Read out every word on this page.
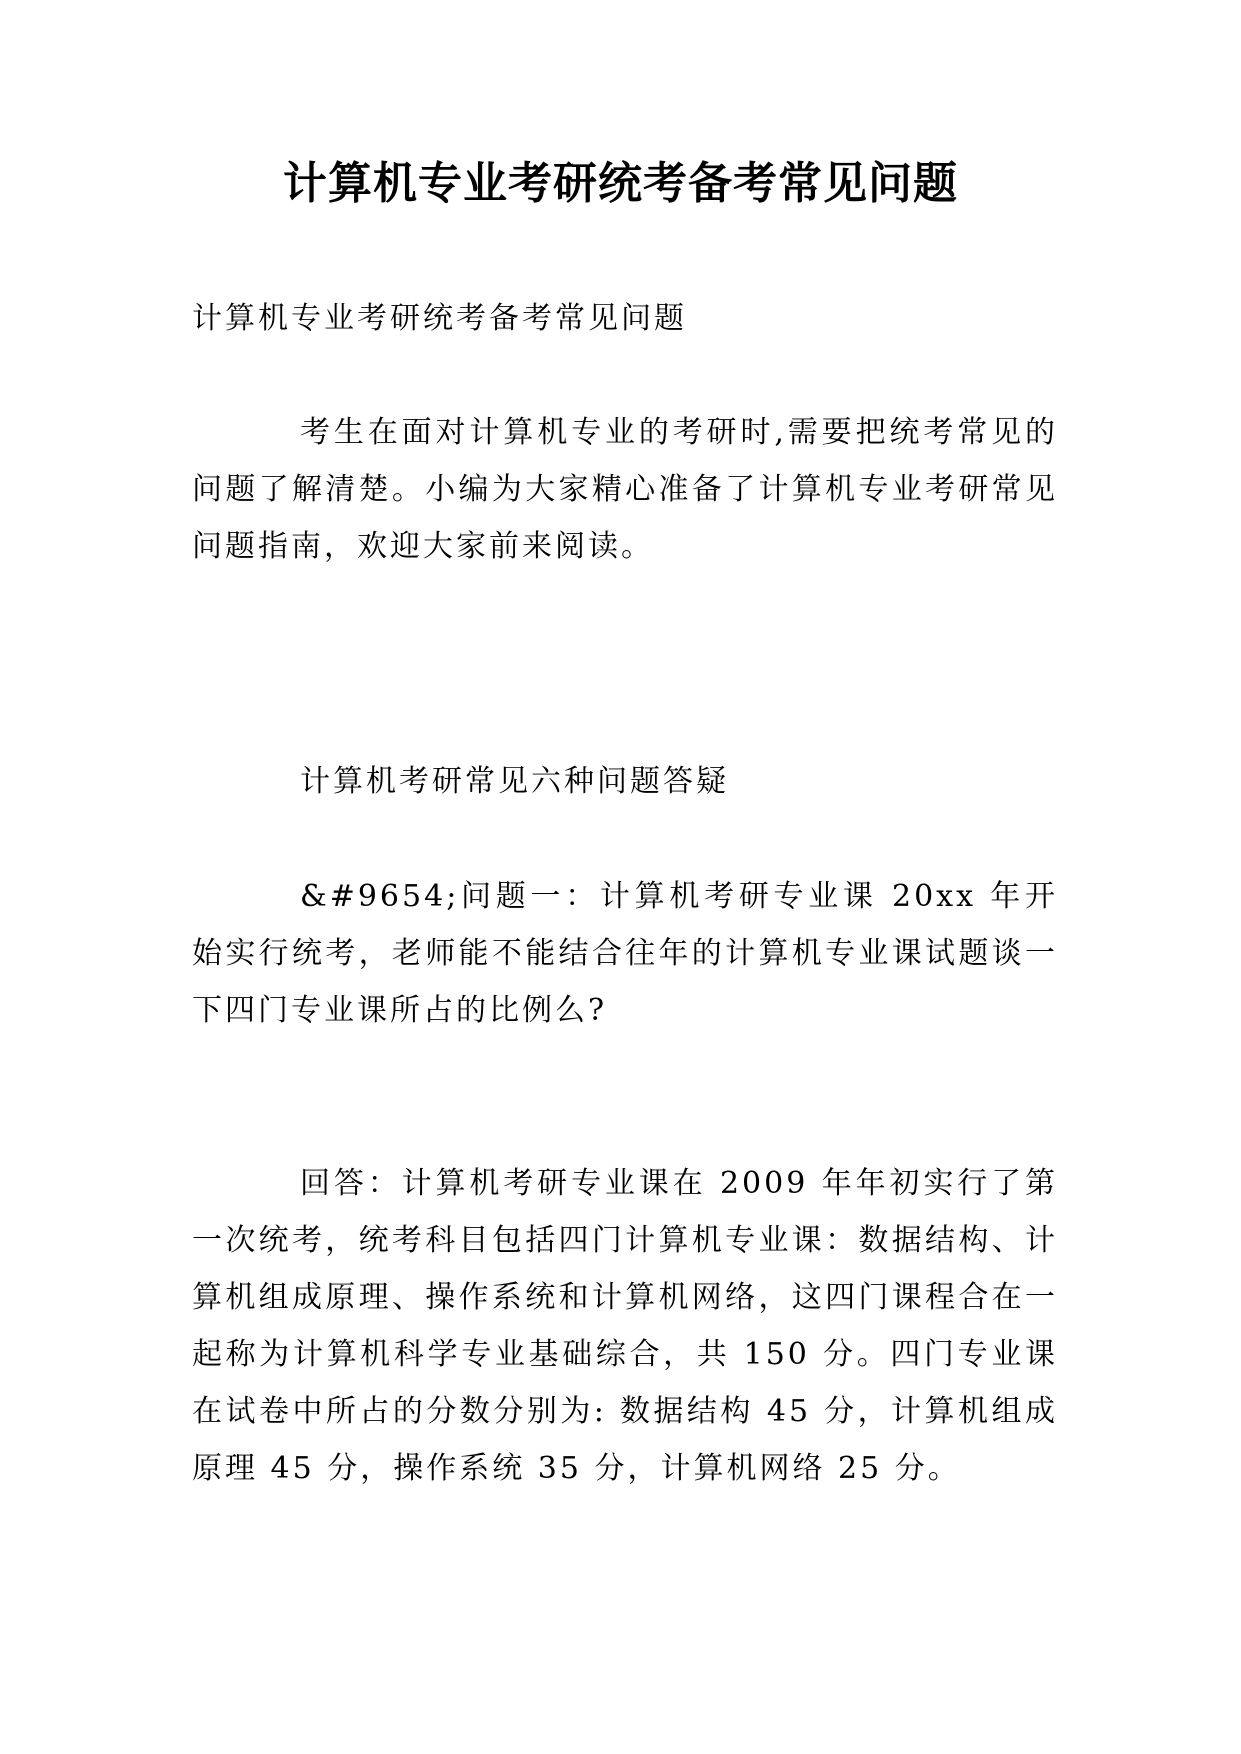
计算机专业考研统考备考常见问题

计算机专业考研统考备考常见问题

考生在面对计算机专业的考研时,需要把统考常见的问题了解清楚。小编为大家精心准备了计算机专业考研常见问题指南，欢迎大家前来阅读。

计算机考研常见六种问题答疑

&#9654;问题一：计算机考研专业课 20xx 年开始实行统考，老师能不能结合往年的计算机专业课试题谈一下四门专业课所占的比例么?

回答：计算机考研专业课在 2009 年年初实行了第一次统考，统考科目包括四门计算机专业课：数据结构、计算机组成原理、操作系统和计算机网络，这四门课程合在一起称为计算机科学专业基础综合，共 150 分。四门专业课在试卷中所占的分数分别为: 数据结构 45 分，计算机组成原理 45 分，操作系统 35 分，计算机网络 25 分。
